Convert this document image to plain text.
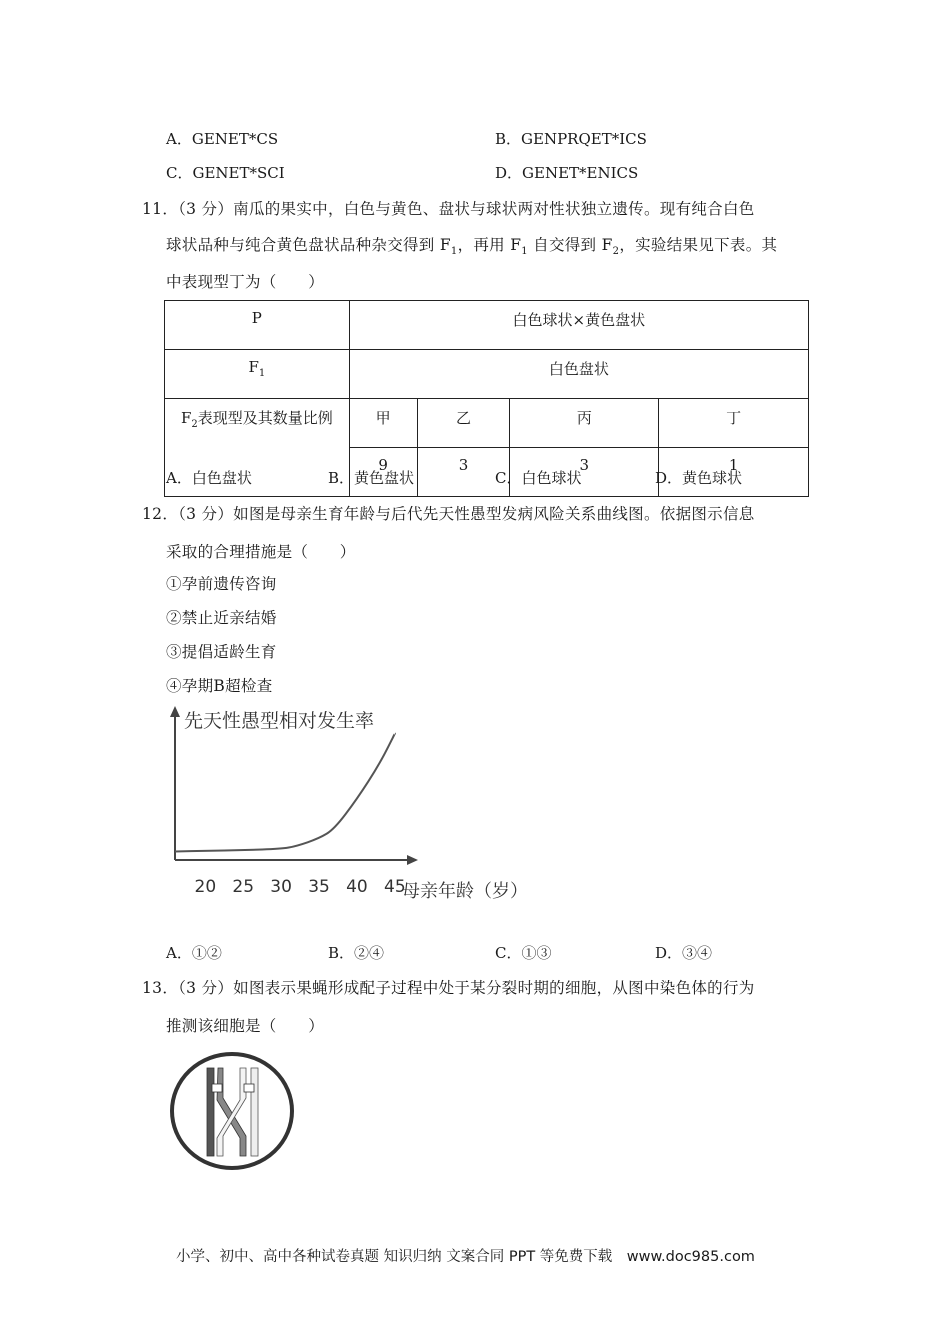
A．GENET*CS	B．GENPRQET*ICS
C．GENET*SCI	D．GENET*ENICS
11．（3 分）南瓜的果实中，白色与黄色、盘状与球状两对性状独立遗传。现有纯合白色
球状品种与纯合黄色盘状品种杂交得到 $F_1$，再用 $F_1$ 自交得到 $F_2$，实验结果见下表。其
中表现型丁为（　　）
P	白色球状×黄色盘状			
$F_1$	白色盘状			
$F_2$表现型及其数量比例	甲	乙	丙	丁
	9	3	3	1
A．白色盘状	B．黄色盘状	C．白色球状	D．黄色球状
12．（3 分）如图是母亲生育年龄与后代先天性愚型发病风险关系曲线图。依据图示信息
采取的合理措施是（　　）
①孕前遗传咨询
②禁止近亲结婚
③提倡适龄生育
④孕期B超检查
先天性愚型相对发生率
母亲年龄（岁）
20 25 30 35 40 45
A．①②	B．②④	C．①③	D．③④
13．（3 分）如图表示果蝇形成配子过程中处于某分裂时期的细胞，从图中染色体的行为
推测该细胞是（　　）
小学、初中、高中各种试卷真题 知识归纳 文案合同 PPT 等免费下载　www.doc985.com
